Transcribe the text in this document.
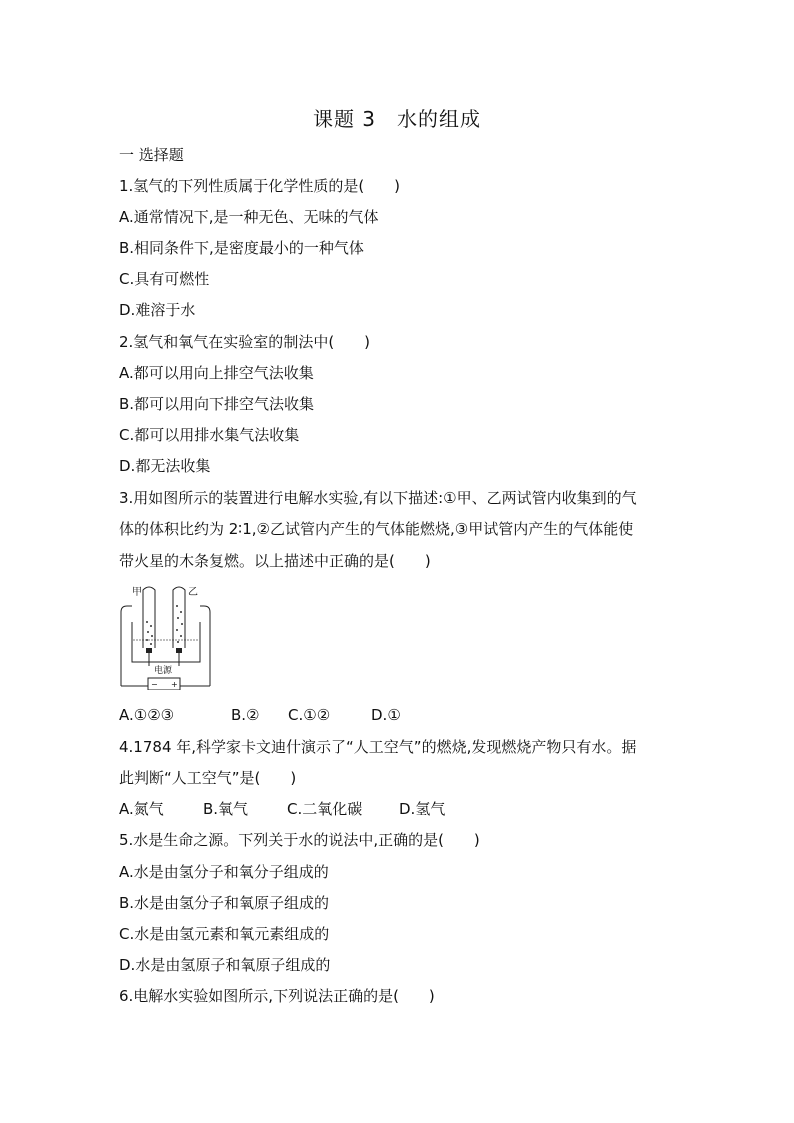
课题 3　水的组成
一 选择题
1.氢气的下列性质属于化学性质的是(　　)
A.通常情况下,是一种无色、无味的气体
B.相同条件下,是密度最小的一种气体
C.具有可燃性
D.难溶于水
2.氢气和氧气在实验室的制法中(　　)
A.都可以用向上排空气法收集
B.都可以用向下排空气法收集
C.都可以用排水集气法收集
D.都无法收集
3.用如图所示的装置进行电解水实验,有以下描述:①甲、乙两试管内收集到的气
体的体积比约为 2∶1,②乙试管内产生的气体能燃烧,③甲试管内产生的气体能使
带火星的木条复燃。以上描述中正确的是(　　)
甲	乙
电源
− +
A.①②③	B.② C.①②	D.①
4.1784 年,科学家卡文迪什演示了“人工空气”的燃烧,发现燃烧产物只有水。据
此判断“人工空气”是(　　)
A.氮气	B.氧气	C.二氧化碳 D.氢气
5.水是生命之源。下列关于水的说法中,正确的是(　　)
A.水是由氢分子和氧分子组成的
B.水是由氢分子和氧原子组成的
C.水是由氢元素和氧元素组成的
D.水是由氢原子和氧原子组成的
6.电解水实验如图所示,下列说法正确的是(　　)
